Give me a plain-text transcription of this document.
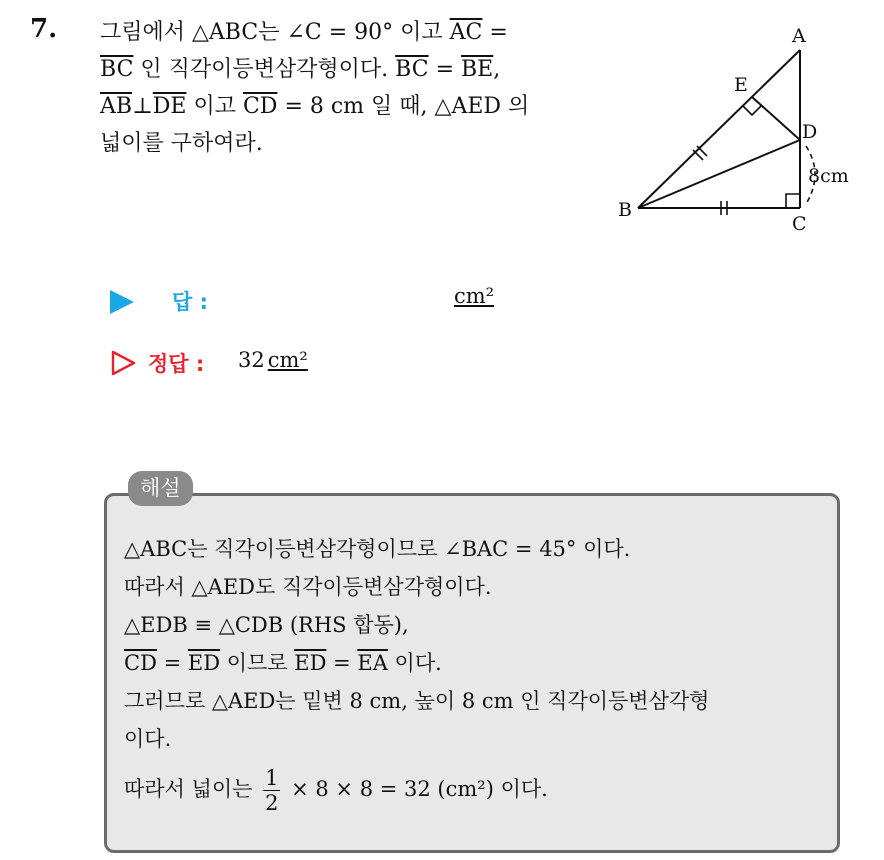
7. 그림에서 △ABC는 ∠C = 90° 이고 $\overline{AC}$ =
$\overline{BC}$ 인 직각이등변삼각형이다. $\overline{BC} = \overline{BE}$,
$\overline{AB}\perp\overline{DE}$ 이고 $\overline{CD} = 8$ cm 일 때, △AED 의
넓이를 구하여라.
A
E
D
B
C
8cm
답 :	cm²
정답 : 32 cm²
해설
△ABC는 직각이등변삼각형이므로 ∠BAC = 45° 이다.
따라서 △AED도 직각이등변삼각형이다.
△EDB ≡ △CDB (RHS 합동),
$\overline{CD} = \overline{ED}$ 이므로 $\overline{ED} = \overline{EA}$ 이다.
그러므로 △AED는 밑변 8 cm, 높이 8 cm 인 직각이등변삼각형
이다.
따라서 넓이는 $\frac{1}{2} \times 8 \times 8 = 32$ (cm²) 이다.
